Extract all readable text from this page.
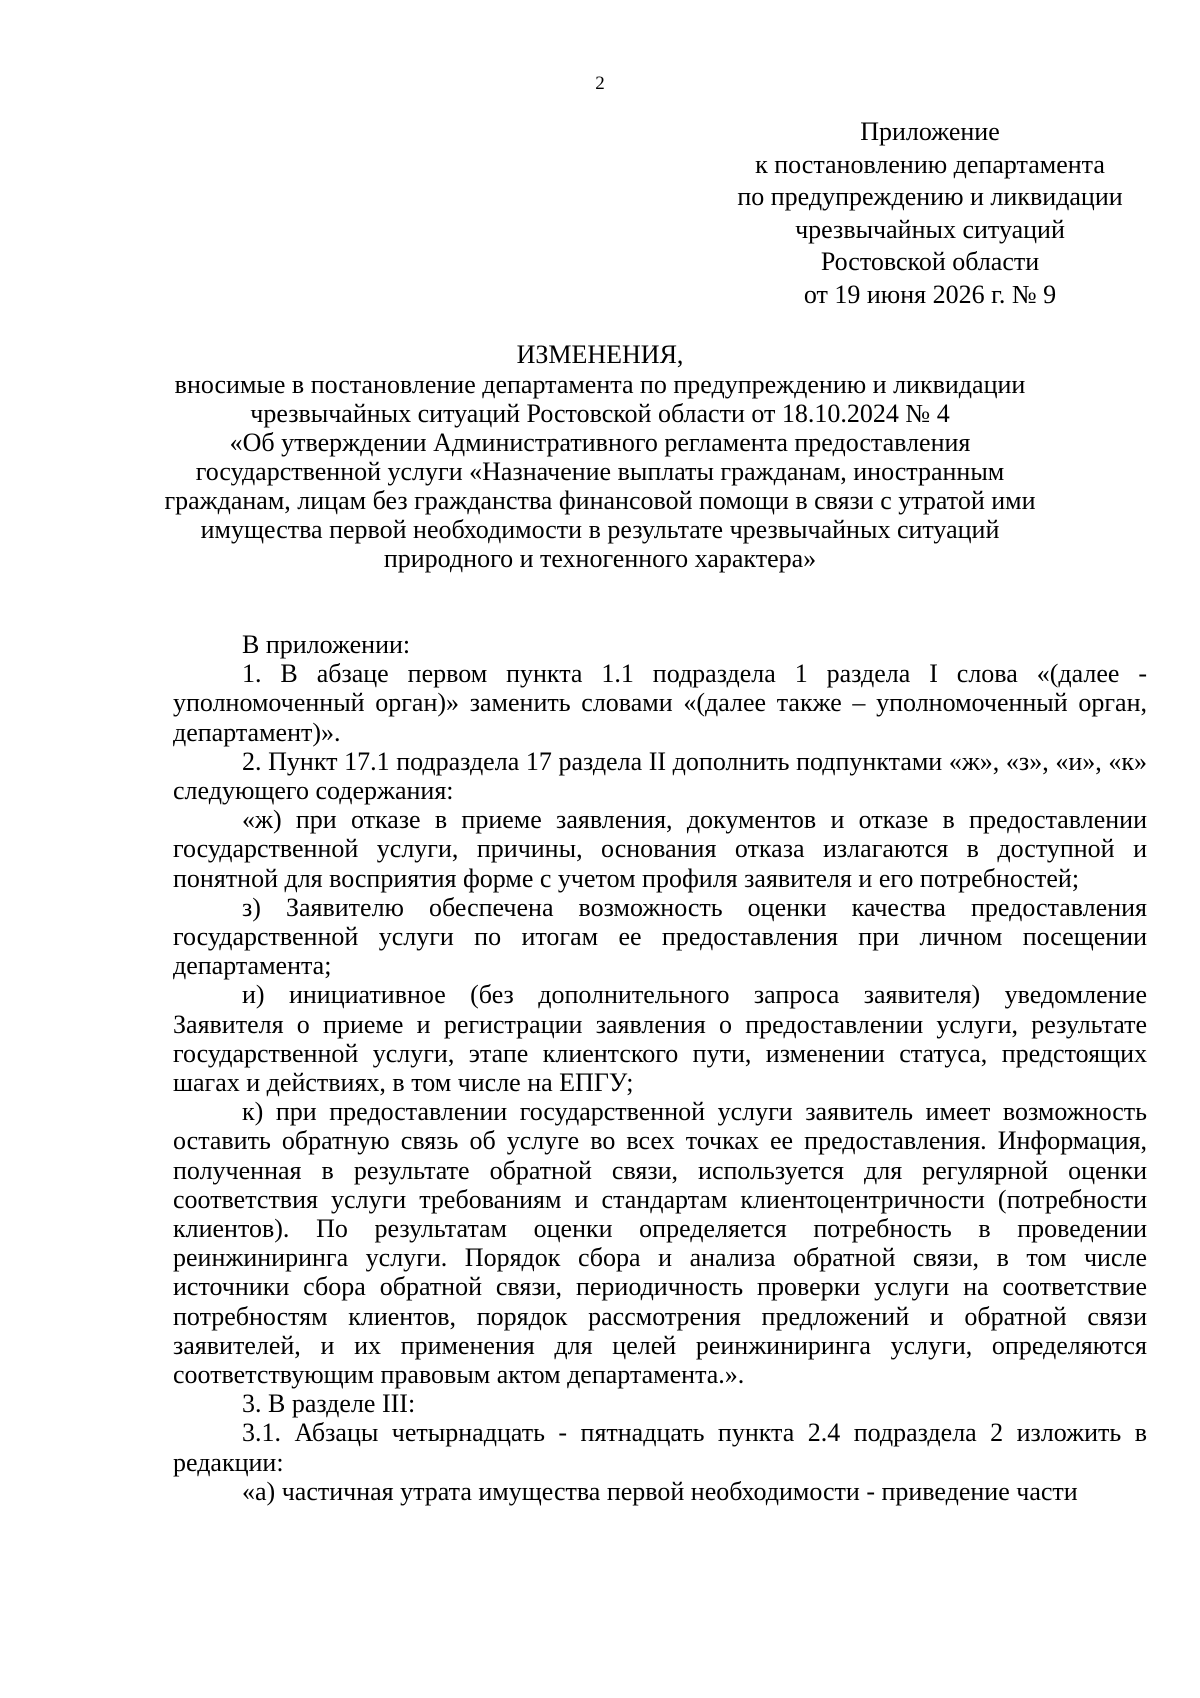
2
Приложение
к постановлению департамента
по предупреждению и ликвидации
чрезвычайных ситуаций
Ростовской области
от 19 июня 2026 г. № 9
ИЗМЕНЕНИЯ,
вносимые в постановление департамента по предупреждению и ликвидации
чрезвычайных ситуаций Ростовской области от 18.10.2024 № 4
«Об утверждении Административного регламента предоставления
государственной услуги «Назначение выплаты гражданам, иностранным
гражданам, лицам без гражданства финансовой помощи в связи с утратой ими
имущества первой необходимости в результате чрезвычайных ситуаций
природного и техногенного характера»

В приложении:

1. В абзаце первом пункта 1.1 подраздела 1 раздела I слова «(далее - уполномоченный орган)» заменить словами «(далее также – уполномоченный орган, департамент)».

2. Пункт 17.1 подраздела 17 раздела II дополнить подпунктами «ж», «з», «и», «к» следующего содержания:

«ж) при отказе в приеме заявления, документов и отказе в предоставлении государственной услуги, причины, основания отказа излагаются в доступной и понятной для восприятия форме с учетом профиля заявителя и его потребностей;

з) Заявителю обеспечена возможность оценки качества предоставления государственной услуги по итогам ее предоставления при личном посещении департамента;

и) инициативное (без дополнительного запроса заявителя) уведомление Заявителя о приеме и регистрации заявления о предоставлении услуги, результате государственной услуги, этапе клиентского пути, изменении статуса, предстоящих шагах и действиях, в том числе на ЕПГУ;

к) при предоставлении государственной услуги заявитель имеет возможность оставить обратную связь об услуге во всех точках ее предоставления. Информация, полученная в результате обратной связи, используется для регулярной оценки соответствия услуги требованиям и стандартам клиентоцентричности (потребности клиентов). По результатам оценки определяется потребность в проведении реинжиниринга услуги. Порядок сбора и анализа обратной связи, в том числе источники сбора обратной связи, периодичность проверки услуги на соответствие потребностям клиентов, порядок рассмотрения предложений и обратной связи заявителей, и их применения для целей реинжиниринга услуги, определяются соответствующим правовым актом департамента.».

3. В разделе III:

3.1. Абзацы четырнадцать - пятнадцать пункта 2.4 подраздела 2 изложить в редакции:

«а) частичная утрата имущества первой необходимости - приведение части
